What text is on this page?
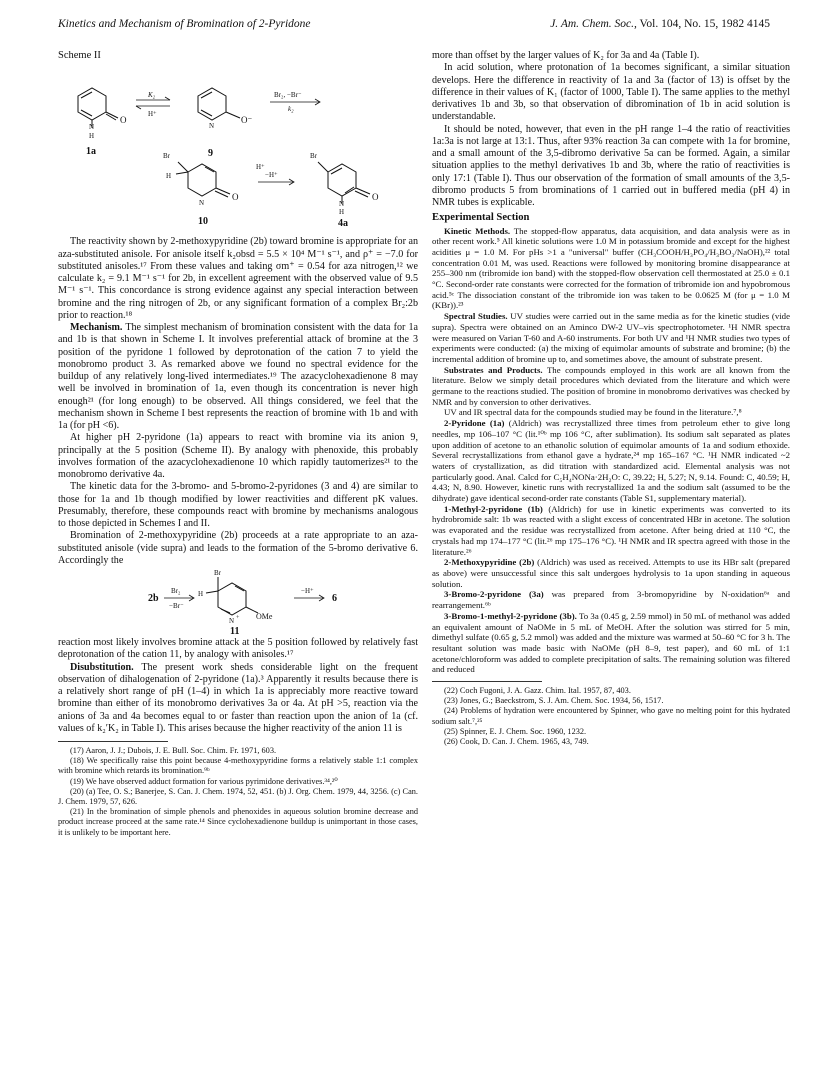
Kinetics and Mechanism of Bromination of 2-Pyridone	J. Am. Chem. Soc., Vol. 104, No. 15, 1982 4145
Scheme II
O
N
H
1a
K₂
H⁺
N
O⁻
9
Br₂, −Br⁻
k₂
Br
H
N
O
10
−H⁺
H⁺
Br
N
H
O
4a

The reactivity shown by 2-methoxypyridine (2b) toward bromine is appropriate for an aza-substituted anisole. For anisole itself k₂obsd = 5.5 × 10⁴ M⁻¹ s⁻¹, and ρ⁺ = −7.0 for substituted anisoles.¹⁷ From these values and taking σm⁺ = 0.54 for aza nitrogen,¹² we calculate k₂ = 9.1 M⁻¹ s⁻¹ for 2b, in excellent agreement with the observed value of 9.5 M⁻¹ s⁻¹. This concordance is strong evidence against any special interaction between bromine and the ring nitrogen of 2b, or any significant formation of a complex Br₂:2b prior to reaction.¹⁸

Mechanism. The simplest mechanism of bromination consistent with the data for 1a and 1b is that shown in Scheme I. It involves preferential attack of bromine at the 3 position of the pyridone 1 followed by deprotonation of the cation 7 to yield the monobromo product 3. As remarked above we found no spectral evidence for the buildup of any relatively long-lived intermediates.¹⁹ The azacyclohexadienone 8 may well be involved in bromination of 1a, even though its concentration is never high enough²¹ (for long enough) to be observed. All things considered, we feel that the mechanism shown in Scheme I best represents the reaction of bromine with 1b and with 1a (for pH <6).

At higher pH 2-pyridone (1a) appears to react with bromine via its anion 9, principally at the 5 position (Scheme II). By analogy with phenoxide, this probably involves formation of the azacyclohexadienone 10 which rapidly tautomerizes²¹ to the monobromo derivative 4a.

The kinetic data for the 3-bromo- and 5-bromo-2-pyridones (3 and 4) are similar to those for 1a and 1b though modified by lower reactivities and different pK values. Presumably, therefore, these compounds react with bromine by mechanisms analogous to those depicted in Schemes I and II.

Bromination of 2-methoxypyridine (2b) proceeds at a rate appropriate to an aza-substituted anisole (vide supra) and leads to the formation of the 5-bromo derivative 6. Accordingly the

2b
Br₂
−Br⁻
Br
H
N + OMe
−H⁺
6
11

reaction most likely involves bromine attack at the 5 position followed by relatively fast deprotonation of the cation 11, by analogy with anisoles.¹⁷

Disubstitution. The present work sheds considerable light on the frequent observation of dihalogenation of 2-pyridone (1a).³ Apparently it results because there is a relatively short range of pH (1–4) in which 1a is appreciably more reactive toward bromine than either of its monobromo derivatives 3a or 4a. At pH >5, reaction via the anions of 3a and 4a becomes equal to or faster than reaction upon the anion of 1a (cf. values of k₂′K₂ in Table I). This arises because the higher reactivity of the anion 11 is

(17) Aaron, J. J.; Dubois, J. E. Bull. Soc. Chim. Fr. 1971, 603.

(18) We specifically raise this point because 4-methoxypyridine forms a relatively stable 1:1 complex with bromine which retards its bromination.⁹ᵇ

(19) We have observed adduct formation for various pyrimidone derivatives.³⁴,²⁰

(20) (a) Tee, O. S.; Banerjee, S. Can. J. Chem. 1974, 52, 451. (b) J. Org. Chem. 1979, 44, 3256. (c) Can. J. Chem. 1979, 57, 626.

(21) In the bromination of simple phenols and phenoxides in aqueous solution bromine decrease and product increase proceed at the same rate.¹⁴ Since cyclohexadienone buildup is unimportant in those cases, it is unlikely to be important here.

more than offset by the larger values of K₂ for 3a and 4a (Table I).

In acid solution, where protonation of 1a becomes significant, a similar situation develops. Here the difference in reactivity of 1a and 3a (factor of 13) is offset by the difference in their values of K₁ (factor of 1000, Table I). The same applies to the methyl derivatives 1b and 3b, so that observation of dibromination of 1b in acid solution is understandable.

It should be noted, however, that even in the pH range 1–4 the ratio of reactivities 1a:3a is not large at 13:1. Thus, after 93% reaction 3a can compete with 1a for bromine, and a small amount of the 3,5-dibromo derivative 5a can be formed. Again, a similar situation applies to the methyl derivatives 1b and 3b, where the ratio of reactivities is only 17:1 (Table I). Thus our observation of the formation of small amounts of the 3,5-dibromo products 5 from brominations of 1 carried out in buffered media (pH 4) in NMR tubes is explicable.

Experimental Section

Kinetic Methods. The stopped-flow apparatus, data acquisition, and data analysis were as in other recent work.⁵ All kinetic solutions were 1.0 M in potassium bromide and except for the highest acidities μ = 1.0 M. For pHs >1 a "universal" buffer (CH₃COOH/H₃PO₄/H₃BO₃/NaOH),²² total concentration 0.01 M, was used. Reactions were followed by monitoring bromine disappearance at 255–300 nm (tribromide ion band) with the stopped-flow observation cell thermostated at 25.0 ± 0.1 °C. Second-order rate constants were corrected for the formation of tribromide ion and hypobromous acid.⁵ᶜ The dissociation constant of the tribromide ion was taken to be 0.0625 M (for μ = 1.0 M (KBr)).²³

Spectral Studies. UV studies were carried out in the same media as for the kinetic studies (vide supra). Spectra were obtained on an Aminco DW-2 UV–vis spectrophotometer. ¹H NMR spectra were measured on Varian T-60 and A-60 instruments. For both UV and ¹H NMR studies two types of experiments were conducted: (a) the mixing of equimolar amounts of substrate and bromine; (b) the incremental addition of bromine up to, and sometimes above, the amount of substrate present.

Substrates and Products. The compounds employed in this work are all known from the literature. Below we simply detail procedures which deviated from the literature and which were germane to the reactions studied. The position of bromine in monobromo derivatives was checked by NMR and by conversion to other derivatives.

UV and IR spectral data for the compounds studied may be found in the literature.⁷,⁸

2-Pyridone (1a) (Aldrich) was recrystallized three times from petroleum ether to give long needles, mp 106–107 °C (lit.¹⁰ᵇ mp 106 °C, after sublimation). Its sodium salt separated as plates upon addition of acetone to an ethanolic solution of equimolar amounts of 1a and sodium ethoxide. Several recrystallizations from ethanol gave a hydrate,²⁴ mp 165–167 °C. ¹H NMR indicated ~2 waters of crystallization, as did titration with standardized acid. Elemental analysis was not particularly good. Anal. Calcd for C₅H₄NONa·2H₂O: C, 39.22; H, 5.27; N, 9.14. Found: C, 40.59; H, 4.43; N, 8.90. However, kinetic runs with recrystallized 1a and the sodium salt (assumed to be the dihydrate) gave identical second-order rate constants (Table S1, supplementary material).

1-Methyl-2-pyridone (1b) (Aldrich) for use in kinetic experiments was converted to its hydrobromide salt: 1b was reacted with a slight excess of concentrated HBr in acetone. The solution was evaporated and the residue was recrystallized from acetone. After being dried at 110 °C, the crystals had mp 174–177 °C (lit.²⁶ mp 175–176 °C). ¹H NMR and IR spectra agreed with those in the literature.²⁶

2-Methoxypyridine (2b) (Aldrich) was used as received. Attempts to use its HBr salt (prepared as above) were unsuccessful since this salt undergoes hydrolysis to 1a upon standing in aqueous solution.

3-Bromo-2-pyridone (3a) was prepared from 3-bromopyridine by N-oxidation⁶ᵃ and rearrangement.⁶ᵇ

3-Bromo-1-methyl-2-pyridone (3b). To 3a (0.45 g, 2.59 mmol) in 50 mL of methanol was added an equivalent amount of NaOMe in 5 mL of MeOH. After the solution was stirred for 5 min, dimethyl sulfate (0.65 g, 5.2 mmol) was added and the mixture was warmed at 50–60 °C for 3 h. The resultant solution was made basic with NaOMe (pH 8–9, test paper), and 60 mL of 1:1 acetone/chloroform was added to complete precipitation of salts. The remaining solution was filtered and reduced

(22) Coch Fugoni, J. A. Gazz. Chim. Ital. 1957, 87, 403.

(23) Jones, G.; Baeckstrom, S. J. Am. Chem. Soc. 1934, 56, 1517.

(24) Problems of hydration were encountered by Spinner, who gave no melting point for this hydrated sodium salt.⁷,²⁵

(25) Spinner, E. J. Chem. Soc. 1960, 1232.

(26) Cook, D. Can. J. Chem. 1965, 43, 749.
